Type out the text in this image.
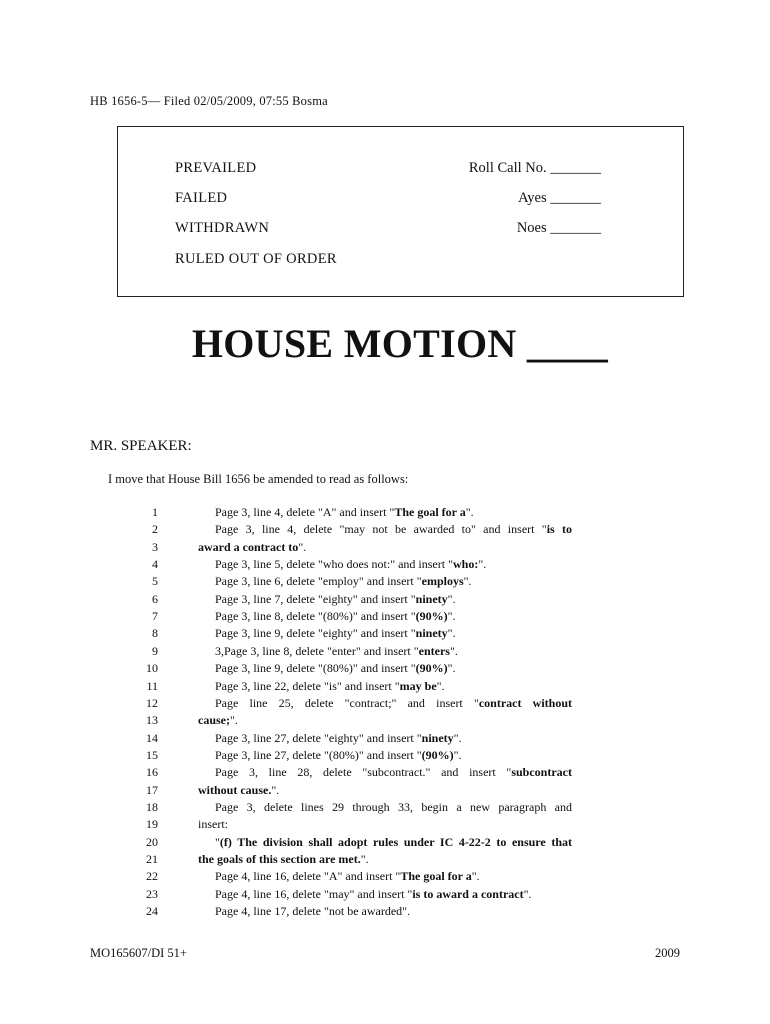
HB 1656-5— Filed 02/05/2009, 07:55 Bosma
PREVAILED
FAILED
WITHDRAWN
RULED OUT OF ORDER
Roll Call No. _______
Ayes _______
Noes _______
HOUSE MOTION ____
MR. SPEAKER:
I move that House Bill 1656 be amended to read as follows:
1	Page 3, line 4, delete "A" and insert "The goal for a".
2	Page 3, line 4, delete "may not be awarded to" and insert "is to
3	award a contract to".
4	Page 3, line 5, delete "who does not:" and insert "who:".
5	Page 3, line 6, delete "employ" and insert "employs".
6	Page 3, line 7, delete "eighty" and insert "ninety".
7	Page 3, line 8, delete "(80%)" and insert "(90%)".
8	Page 3, line 9, delete "eighty" and insert "ninety".
9	3,Page 3, line 8, delete "enter" and insert "enters".
10	Page 3, line 9, delete "(80%)" and insert "(90%)".
11	Page 3, line 22, delete "is" and insert "may be".
12	Page line 25, delete "contract;" and insert "contract without
13	cause;".
14	Page 3, line 27, delete "eighty" and insert "ninety".
15	Page 3, line 27, delete "(80%)" and insert "(90%)".
16	Page 3, line 28, delete "subcontract." and insert "subcontract
17	without cause.".
18	Page 3, delete lines 29 through 33, begin a new paragraph and
19	insert:
20	"(f) The division shall adopt rules under IC 4-22-2 to ensure that
21	the goals of this section are met.".
22	Page 4, line 16, delete "A" and insert "The goal for a".
23	Page 4, line 16, delete "may" and insert "is to award a contract".
24	Page 4, line 17, delete "not be awarded".
MO165607/DI 51+	2009
